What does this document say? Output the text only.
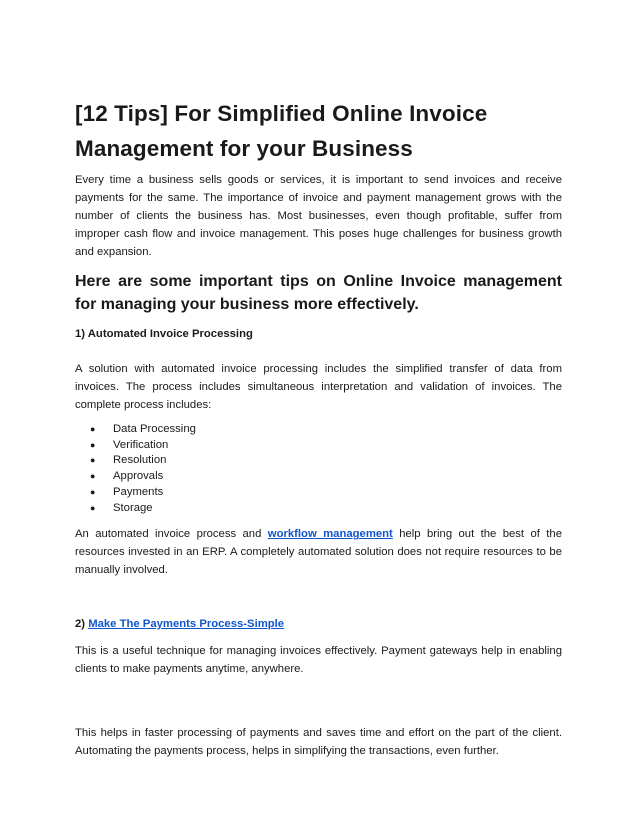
[12 Tips] For Simplified Online Invoice Management for your Business

Every time a business sells goods or services, it is important to send invoices and receive payments for the same. The importance of invoice and payment management grows with the number of clients the business has. Most businesses, even though profitable, suffer from improper cash flow and invoice management. This poses huge challenges for business growth and expansion.

Here are some important tips on Online Invoice management for managing your business more effectively.
1) Automated Invoice Processing

A solution with automated invoice processing includes the simplified transfer of data from invoices. The process includes simultaneous interpretation and validation of invoices. The complete process includes:

● Data Processing
● Verification
● Resolution
● Approvals
● Payments
● Storage

An automated invoice process and workflow management help bring out the best of the resources invested in an ERP. A completely automated solution does not require resources to be manually involved.

2) Make The Payments Process-Simple

This is a useful technique for managing invoices effectively. Payment gateways help in enabling clients to make payments anytime, anywhere.

This helps in faster processing of payments and saves time and effort on the part of the client. Automating the payments process, helps in simplifying the transactions, even further.
